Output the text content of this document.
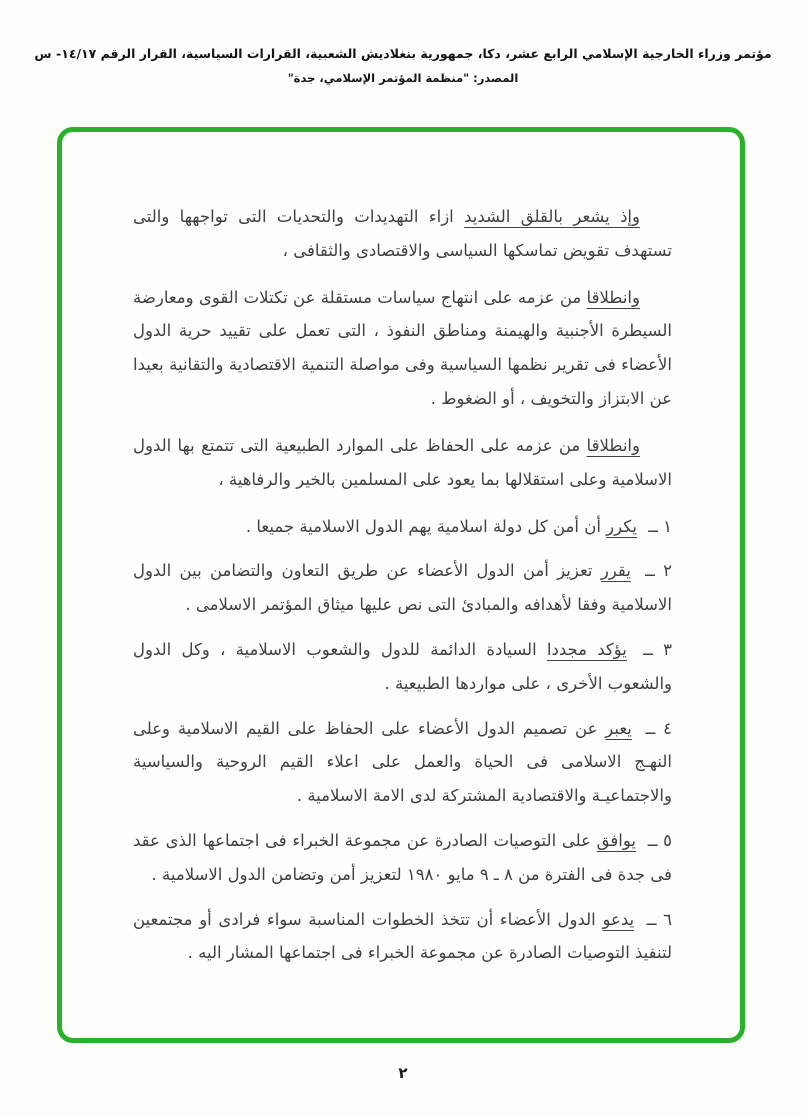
مؤتمر وزراء الخارجية الإسلامي الرابع عشر، دكا، جمهورية بنغلاديش الشعبية، القرارات السياسية، القرار الرقم ١٤/١٧- س
المصدر: "منظمة المؤتمر الإسلامي، جدة"

وإذ يشعر بالقلق الشديد ازاء التهديدات والتحديات التى تواجهها والتى تستهدف تقويض تماسكها السياسى والاقتصادى والثقافى ،

وانطلاقا من عزمه على انتهاج سياسات مستقلة عن تكتلات القوى ومعارضة السيطرة الأجنبية والهيمنة ومناطق النفوذ ، التى تعمل على تقييد حرية الدول الأعضاء فى تقرير نظمها السياسية وفى مواصلة التنمية الاقتصادية والتقانية بعيدا عن الابتزاز والتخويف ، أو الضغوط .

وانطلاقا من عزمه على الحفاظ على الموارد الطبيعية التى تتمتع بها الدول الاسلامية وعلى استقلالها بما يعود على المسلمين بالخير والرفاهية ،

١ ــ يكرر أن أمن كل دولة اسلامية يهم الدول الاسلامية جميعا .

٢ ــ يقرر تعزيز أمن الدول الأعضاء عن طريق التعاون والتضامن بين الدول الاسلامية وفقا لأهدافه والمبادئ التى نص عليها ميثاق المؤتمر الاسلامى .

٣ ــ يؤكد مجددا السيادة الدائمة للدول والشعوب الاسلامية ، وكل الدول والشعوب الأخرى ، على مواردها الطبيعية .

٤ ــ يعبر عن تصميم الدول الأعضاء على الحفاظ على القيم الاسلامية وعلى النهـج الاسلامى فى الحياة والعمل على اعلاء القيم الروحية والسياسية والاجتماعيـة والاقتصادية المشتركة لدى الامة الاسلامية .

٥ ــ يوافق على التوصيات الصادرة عن مجموعة الخبراء فى اجتماعها الذى عقد فى جدة فى الفترة من ٨ ـ ٩ مايو ١٩٨٠ لتعزيز أمن وتضامن الدول الاسلامية .

٦ ــ يدعو الدول الأعضاء أن تتخذ الخطوات المناسبة سواء فرادى أو مجتمعين لتنفيذ التوصيات الصادرة عن مجموعة الخبراء فى اجتماعها المشار اليه .

٢
